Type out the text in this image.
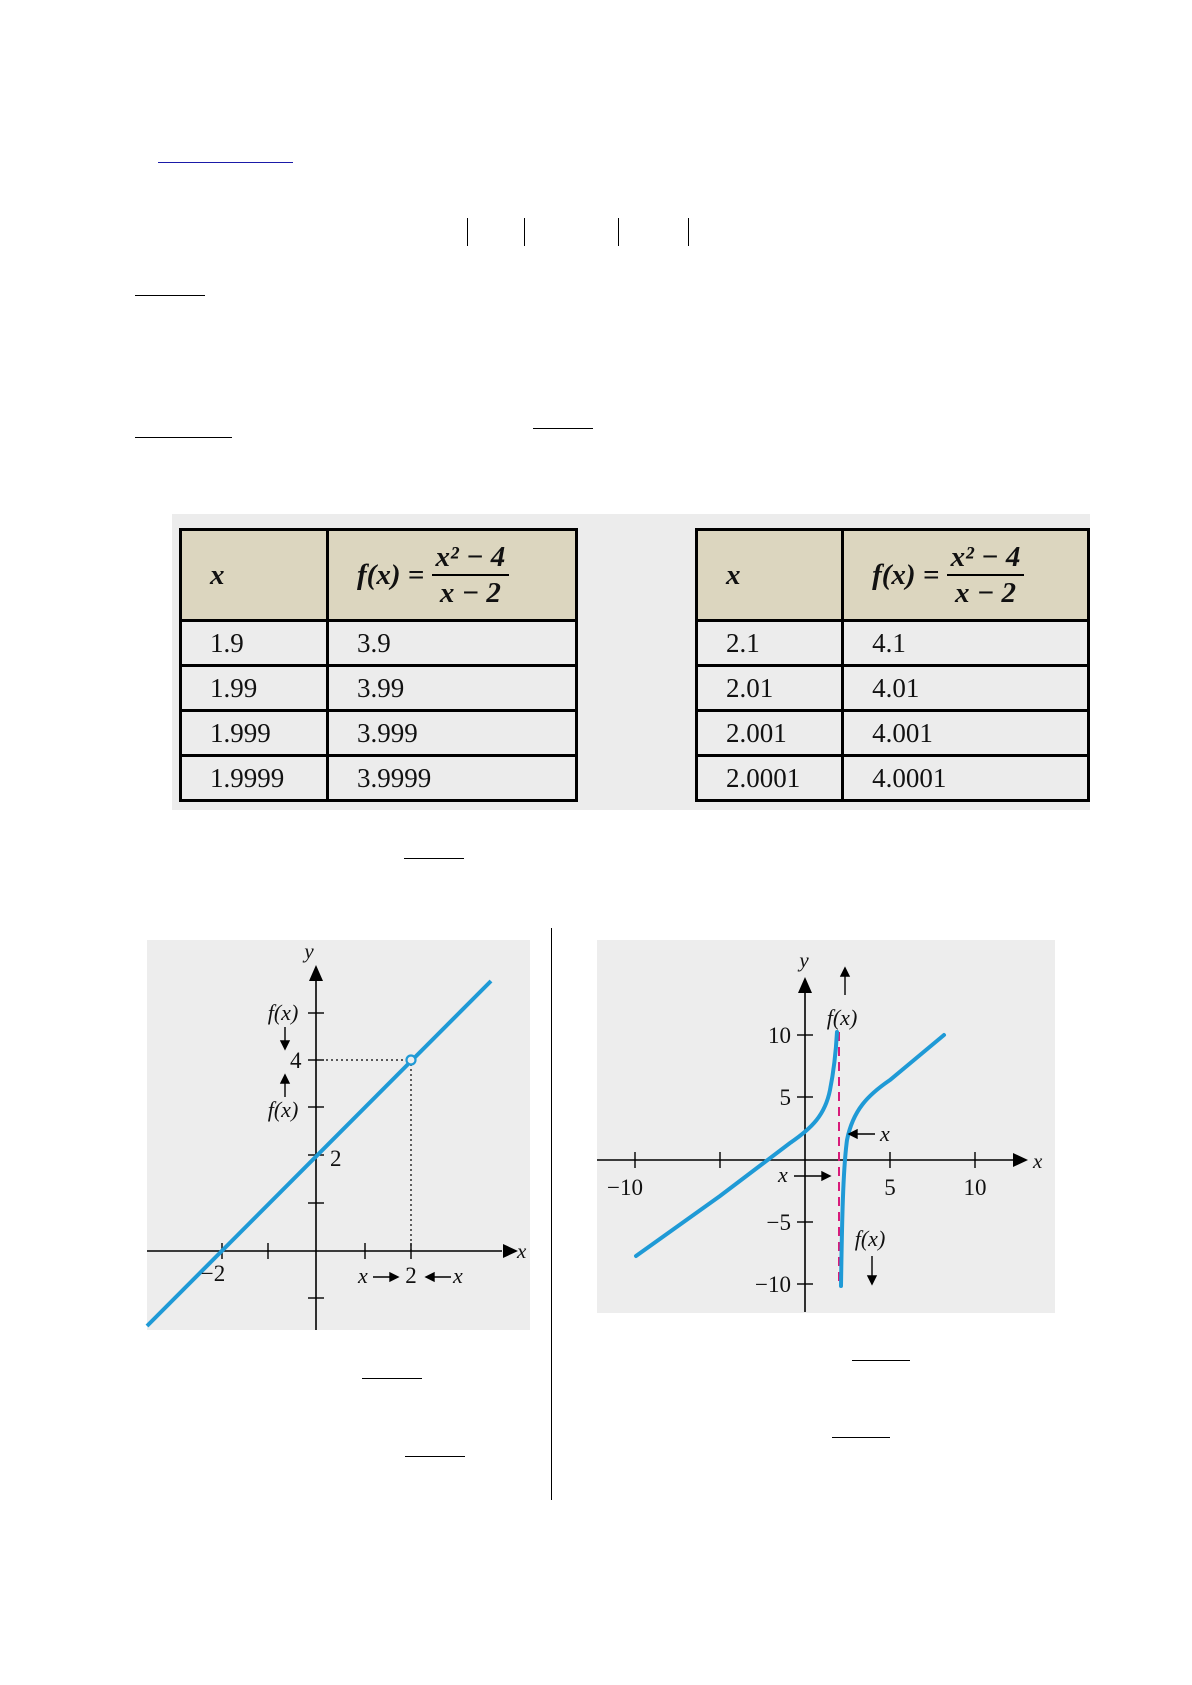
x	$f(x) = \frac{\text{x² − 4}}{x - 2}$

1.9	3.9
1.99	3.99
1.999	3.999
1.9999	3.9999
x	$f(x) = \frac{\text{x² − 4}}{x - 2}$

2.1	4.1
2.01	4.01
2.001	4.001
2.0001	4.0001
y
x
−2
2
4
2
f(x)
f(x)
x	x
−10	5	10
10
5
−5
−10
y
x
f(x)
f(x)
x
x
